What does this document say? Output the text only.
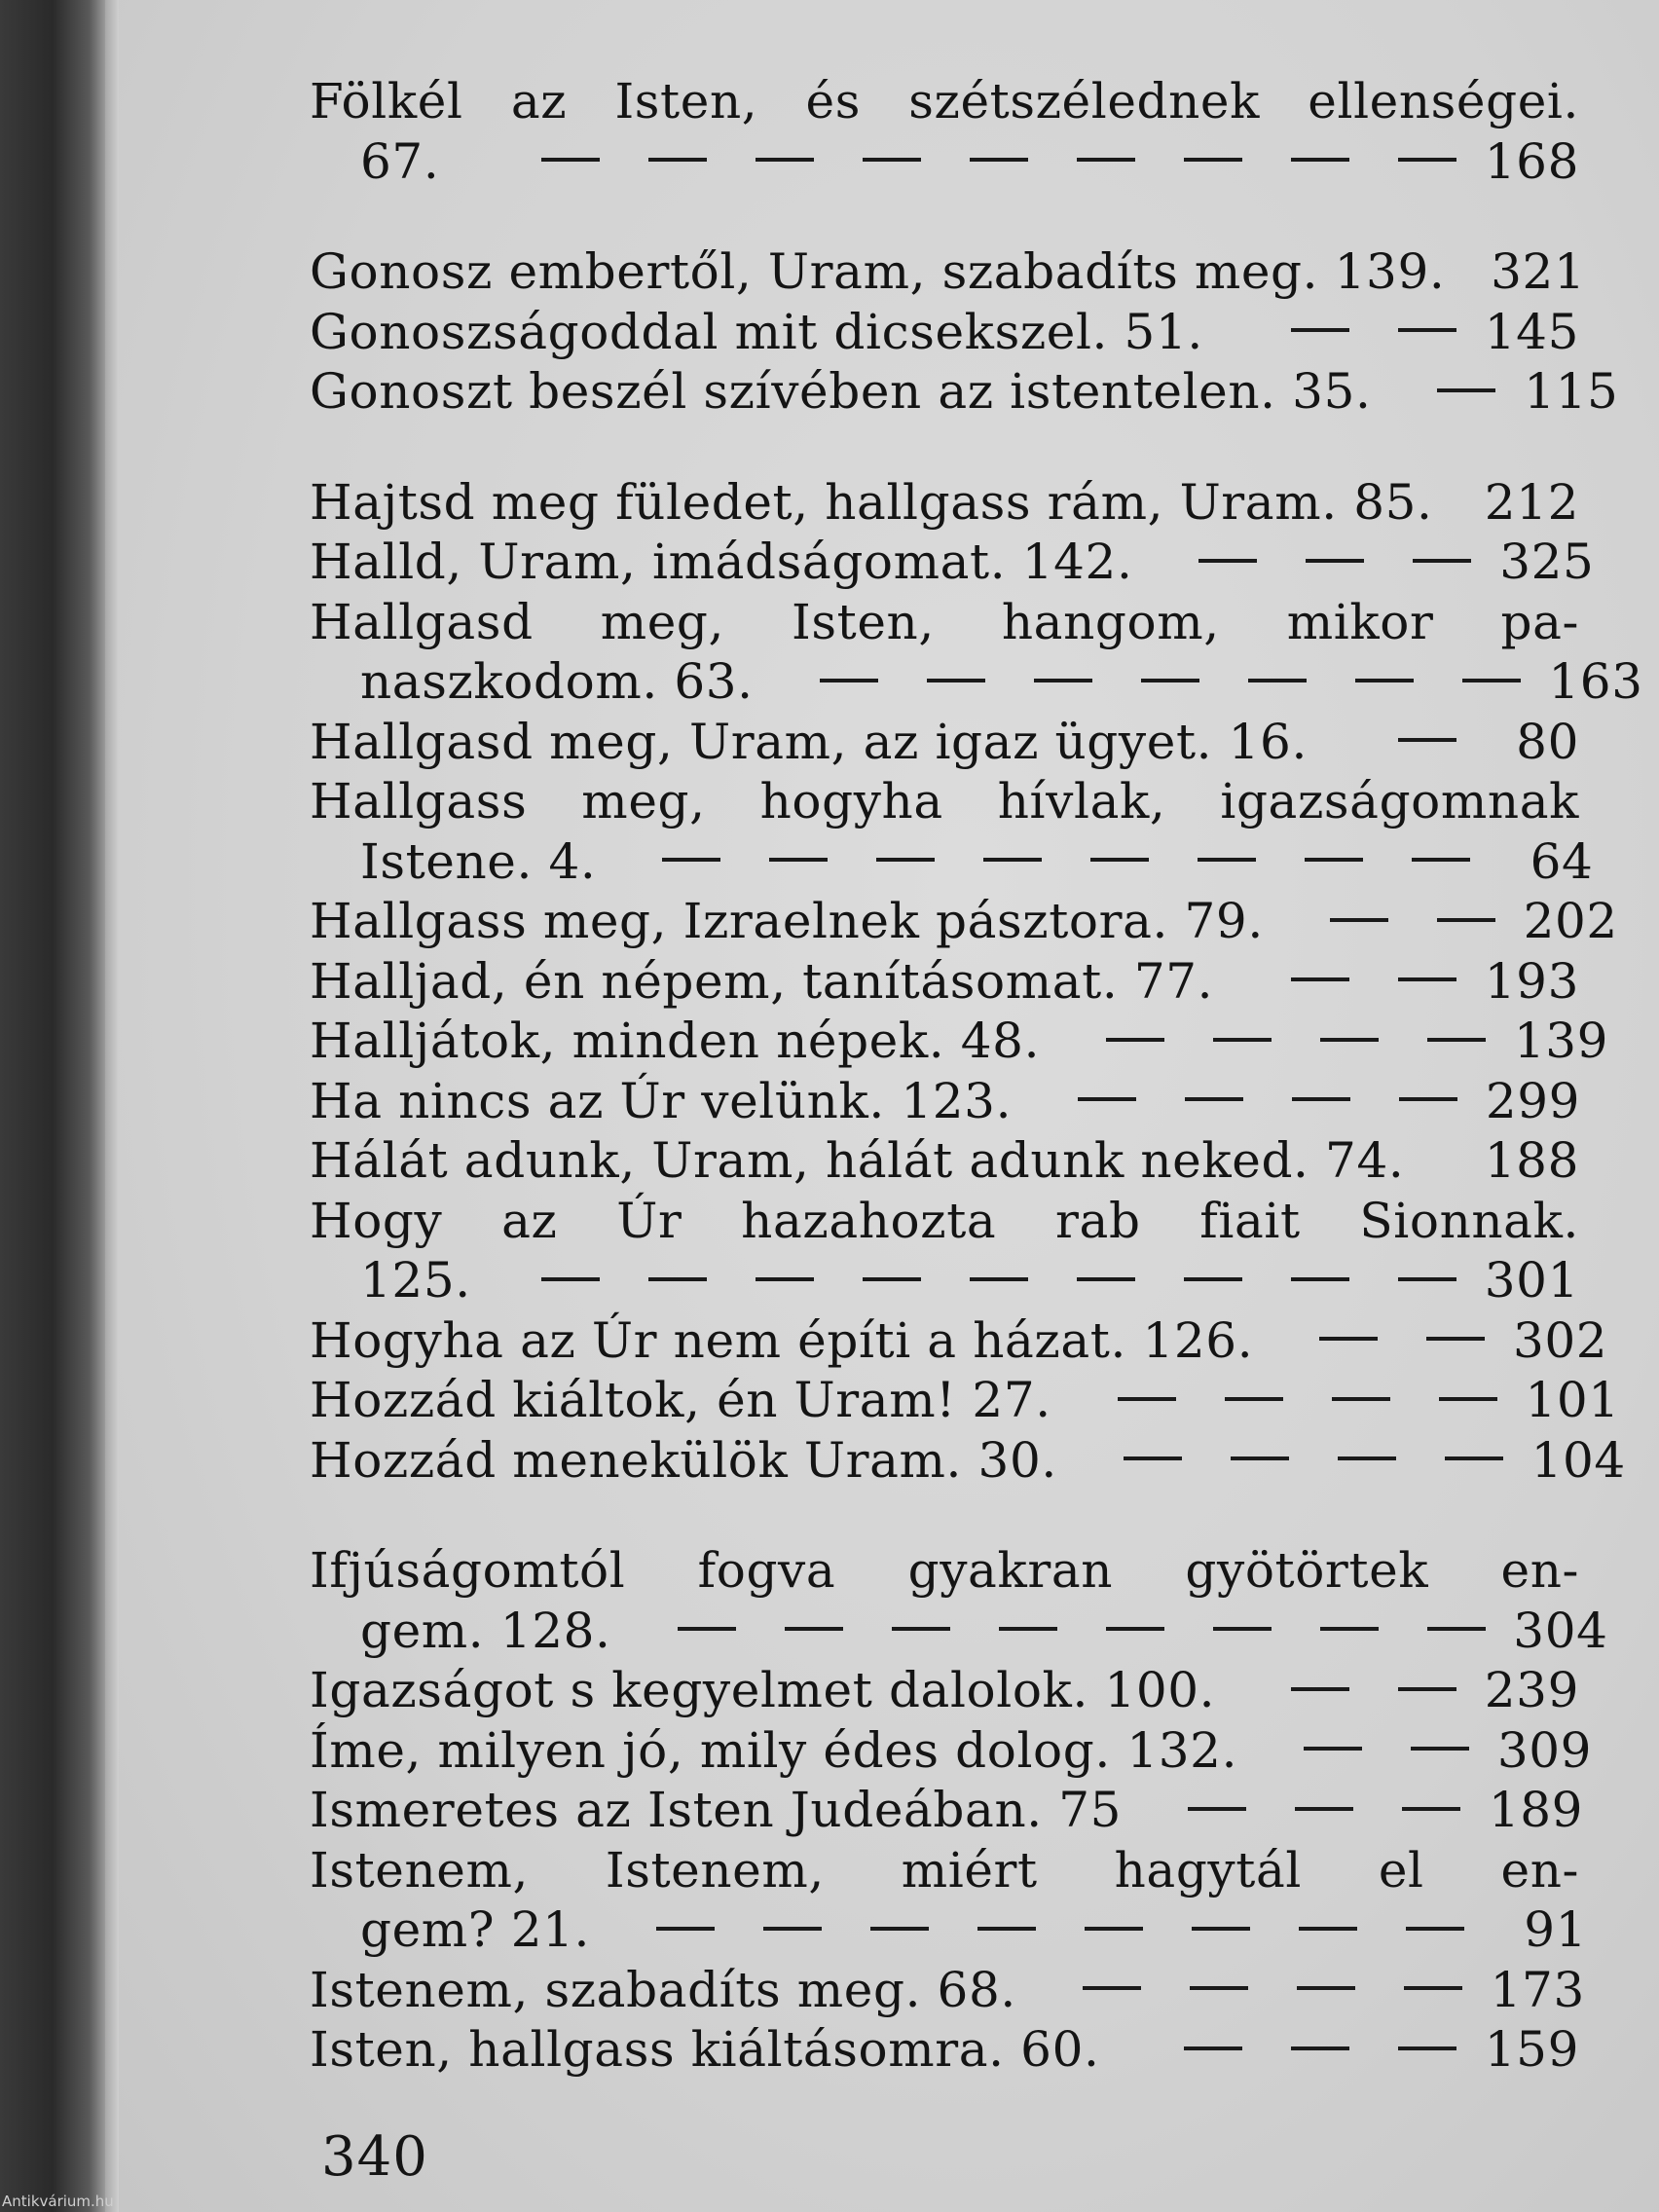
Antikvárium.hu
Fölkél az Isten, és szétszélednek ellenségei.
67.	168
Gonosz embertől, Uram, szabadíts meg. 139. 321
Gonoszságoddal mit dicsekszel. 51.	145
Gonoszt beszél szívében az istentelen. 35.	115
Hajtsd meg füledet, hallgass rám, Uram. 85.	212
Halld, Uram, imádságomat. 142.	325
Hallgasd meg, Isten, hangom, mikor pa-
naszkodom. 63.	163
Hallgasd meg, Uram, az igaz ügyet. 16.	80
Hallgass meg, hogyha hívlak, igazságomnak
Istene. 4.	64
Hallgass meg, Izraelnek pásztora. 79.	202
Halljad, én népem, tanításomat. 77.	193
Halljátok, minden népek. 48.	139
Ha nincs az Úr velünk. 123.	299
Hálát adunk, Uram, hálát adunk neked. 74.	188
Hogy az Úr hazahozta rab fiait Sionnak.
125.	301
Hogyha az Úr nem építi a házat. 126.	302
Hozzád kiáltok, én Uram! 27.	101
Hozzád menekülök Uram. 30.	104
Ifjúságomtól fogva gyakran gyötörtek en-
gem. 128.	304
Igazságot s kegyelmet dalolok. 100.	239
Íme, milyen jó, mily édes dolog. 132.	309
Ismeretes az Isten Judeában. 75	189
Istenem, Istenem, miért hagytál el en-
gem? 21.	91
Istenem, szabadíts meg. 68.	173
Isten, hallgass kiáltásomra. 60.	159
340
